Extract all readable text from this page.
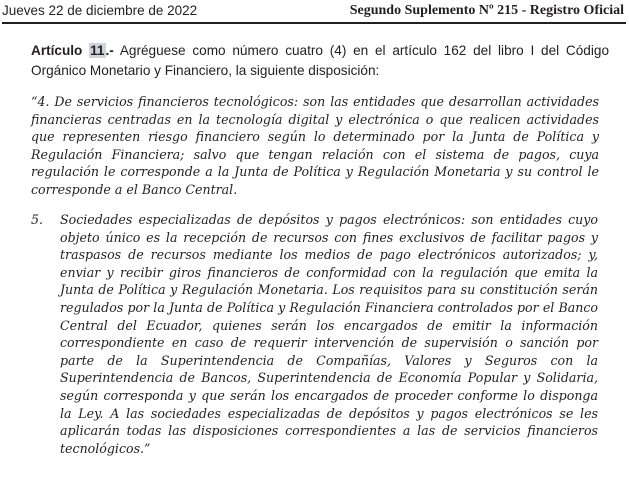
Jueves 22 de diciembre de 2022	Segundo Suplemento Nº 215 - Registro Oficial

Artículo 11.- Agréguese como número cuatro (4) en el artículo 162 del libro I del Código Orgánico Monetario y Financiero, la siguiente disposición:

“4. De servicios financieros tecnológicos: son las entidades que desarrollan actividades financieras centradas en la tecnología digital y electrónica o que realicen actividades que representen riesgo financiero según lo determinado por la Junta de Política y Regulación Financiera; salvo que tengan relación con el sistema de pagos, cuya regulación le corresponde a la Junta de Política y Regulación Monetaria y su control le corresponde a el Banco Central.

5. Sociedades especializadas de depósitos y pagos electrónicos: son entidades cuyo objeto único es la recepción de recursos con fines exclusivos de facilitar pagos y traspasos de recursos mediante los medios de pago electrónicos autorizados; y, enviar y recibir giros financieros de conformidad con la regulación que emita la Junta de Política y Regulación Monetaria. Los requisitos para su constitución serán regulados por la Junta de Política y Regulación Financiera controlados por el Banco Central del Ecuador, quienes serán los encargados de emitir la información correspondiente en caso de requerir intervención de supervisión o sanción por parte de la Superintendencia de Compañías, Valores y Seguros con la Superintendencia de Bancos, Superintendencia de Economía Popular y Solidaria, según corresponda y que serán los encargados de proceder conforme lo disponga la Ley. A las sociedades especializadas de depósitos y pagos electrónicos se les aplicarán todas las disposiciones correspondientes a las de servicios financieros tecnológicos.”
